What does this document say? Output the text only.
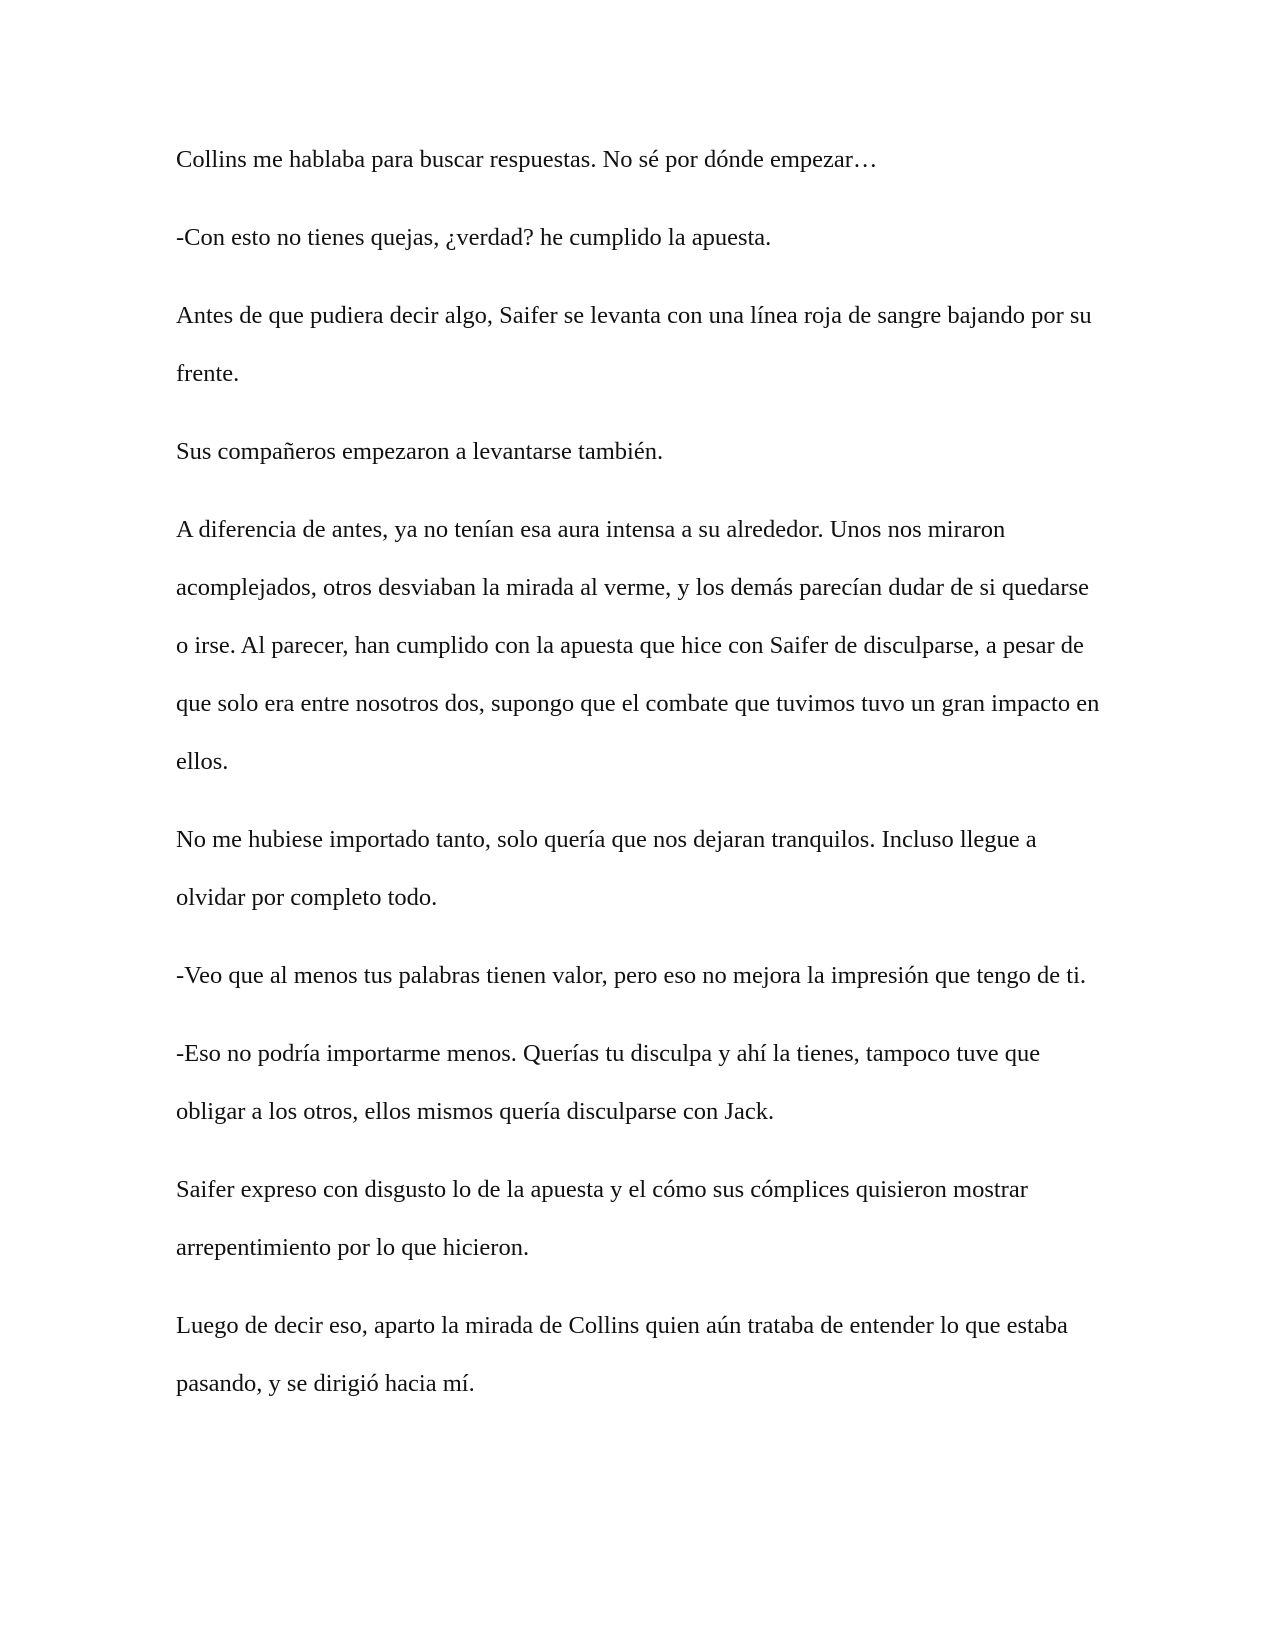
Collins me hablaba para buscar respuestas. No sé por dónde empezar…

-Con esto no tienes quejas, ¿verdad? he cumplido la apuesta.

Antes de que pudiera decir algo, Saifer se levanta con una línea roja de sangre bajando por su frente.

Sus compañeros empezaron a levantarse también.

A diferencia de antes, ya no tenían esa aura intensa a su alrededor. Unos nos miraron acomplejados, otros desviaban la mirada al verme, y los demás parecían dudar de si quedarse o irse. Al parecer, han cumplido con la apuesta que hice con Saifer de disculparse, a pesar de que solo era entre nosotros dos, supongo que el combate que tuvimos tuvo un gran impacto en ellos.

No me hubiese importado tanto, solo quería que nos dejaran tranquilos. Incluso llegue a olvidar por completo todo.

-Veo que al menos tus palabras tienen valor, pero eso no mejora la impresión que tengo de ti.

-Eso no podría importarme menos. Querías tu disculpa y ahí la tienes, tampoco tuve que obligar a los otros, ellos mismos quería disculparse con Jack.

Saifer expreso con disgusto lo de la apuesta y el cómo sus cómplices quisieron mostrar arrepentimiento por lo que hicieron.

Luego de decir eso, aparto la mirada de Collins quien aún trataba de entender lo que estaba pasando, y se dirigió hacia mí.
